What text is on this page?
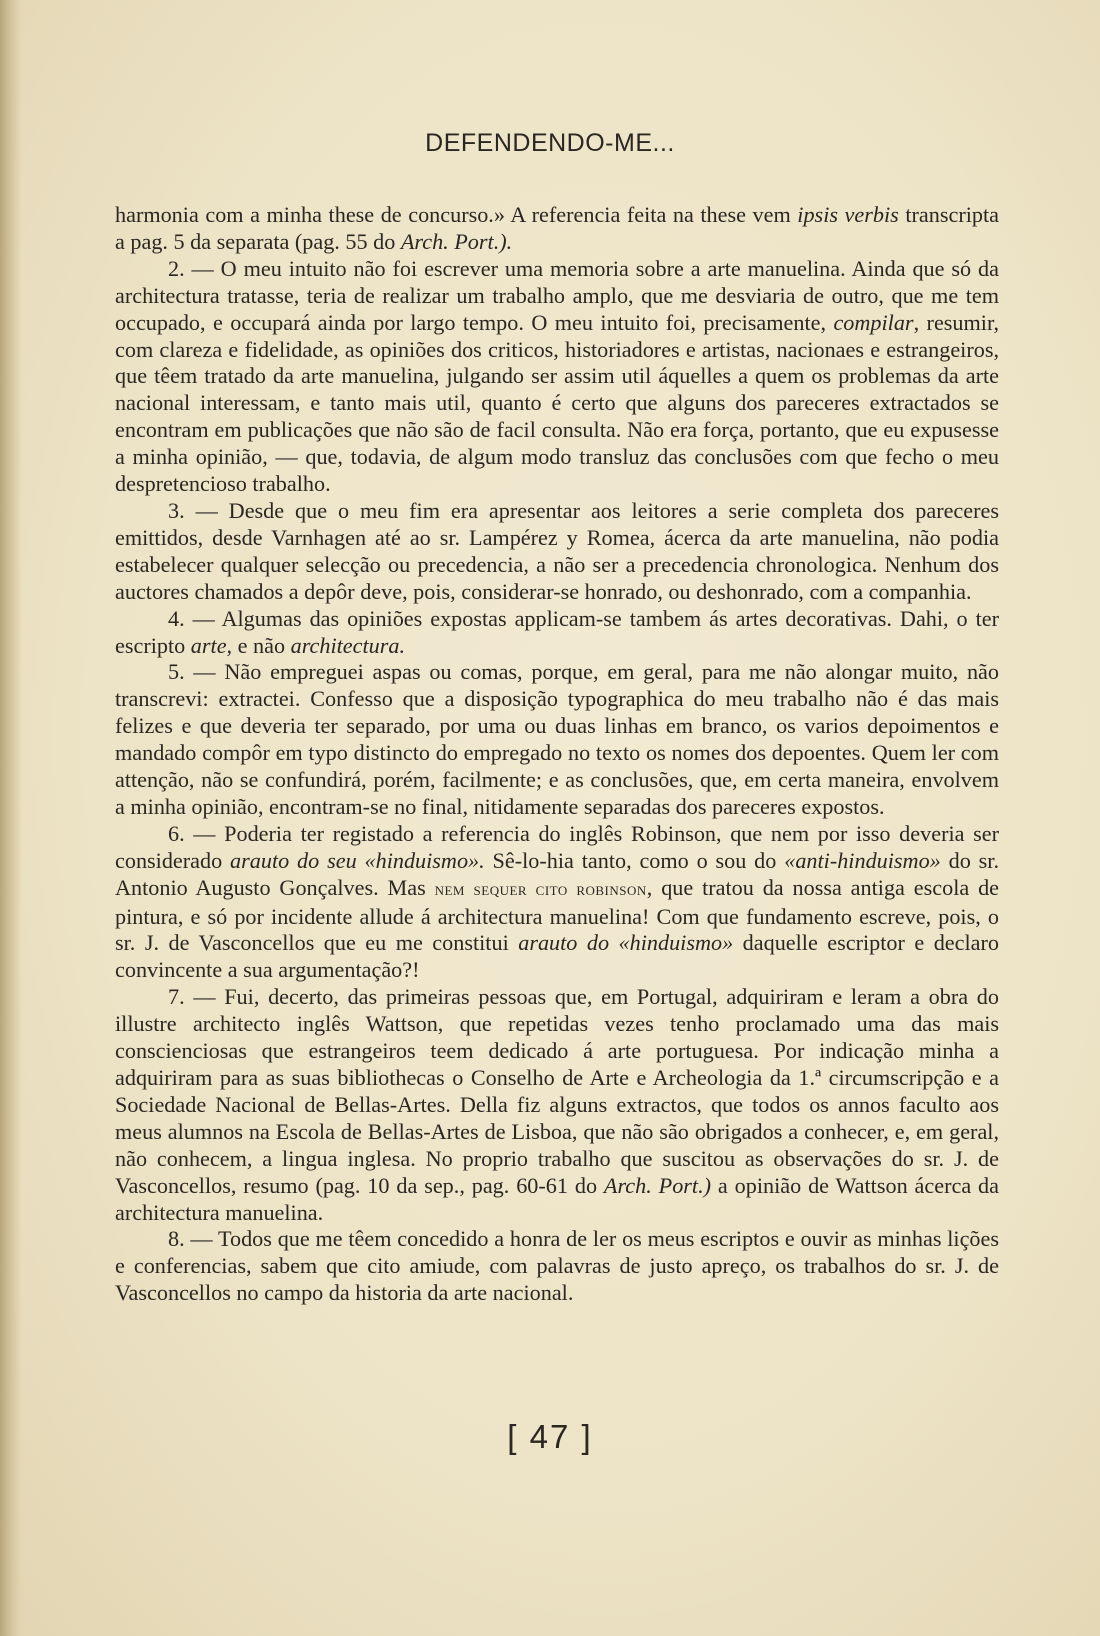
DEFENDENDO-ME...

harmonia com a minha these de concurso.» A referencia feita na these vem ipsis verbis transcripta a pag. 5 da separata (pag. 55 do Arch. Port.).

2. — O meu intuito não foi escrever uma memoria sobre a arte manuelina. Ainda que só da architectura tratasse, teria de realizar um trabalho amplo, que me desviaria de outro, que me tem occupado, e occupará ainda por largo tempo. O meu intuito foi, precisamente, compilar, resumir, com clareza e fidelidade, as opiniões dos criticos, historiadores e artistas, nacionaes e estrangeiros, que têem tratado da arte manuelina, julgando ser assim util áquelles a quem os problemas da arte nacional interessam, e tanto mais util, quanto é certo que alguns dos pareceres extractados se encontram em publicações que não são de facil consulta. Não era força, portanto, que eu expusesse a minha opinião, — que, todavia, de algum modo transluz das conclusões com que fecho o meu despretencioso trabalho.

3. — Desde que o meu fim era apresentar aos leitores a serie completa dos pareceres emittidos, desde Varnhagen até ao sr. Lampérez y Romea, ácerca da arte manuelina, não podia estabelecer qualquer selecção ou precedencia, a não ser a precedencia chronologica. Nenhum dos auctores chamados a depôr deve, pois, considerar-se honrado, ou deshonrado, com a companhia.

4. — Algumas das opiniões expostas applicam-se tambem ás artes decorativas. Dahi, o ter escripto arte, e não architectura.

5. — Não empreguei aspas ou comas, porque, em geral, para me não alongar muito, não transcrevi: extractei. Confesso que a disposição typographica do meu trabalho não é das mais felizes e que deveria ter separado, por uma ou duas linhas em branco, os varios depoimentos e mandado compôr em typo distincto do empregado no texto os nomes dos depoentes. Quem ler com attenção, não se confundirá, porém, facilmente; e as conclusões, que, em certa maneira, envolvem a minha opinião, encontram-se no final, nitidamente separadas dos pareceres expostos.

6. — Poderia ter registado a referencia do inglês Robinson, que nem por isso deveria ser considerado arauto do seu «hinduismo». Sê-lo-hia tanto, como o sou do «anti-hinduismo» do sr. Antonio Augusto Gonçalves. Mas nem sequer cito robinson, que tratou da nossa antiga escola de pintura, e só por incidente allude á architectura manuelina! Com que fundamento escreve, pois, o sr. J. de Vasconcellos que eu me constitui arauto do «hinduismo» daquelle escriptor e declaro convincente a sua argumentação?!

7. — Fui, decerto, das primeiras pessoas que, em Portugal, adquiriram e leram a obra do illustre architecto inglês Wattson, que repetidas vezes tenho proclamado uma das mais conscienciosas que estrangeiros teem dedicado á arte portuguesa. Por indicação minha a adquiriram para as suas bibliothecas o Conselho de Arte e Archeologia da 1.ª circumscripção e a Sociedade Nacional de Bellas-Artes. Della fiz alguns extractos, que todos os annos faculto aos meus alumnos na Escola de Bellas-Artes de Lisboa, que não são obrigados a conhecer, e, em geral, não conhecem, a lingua inglesa. No proprio trabalho que suscitou as observações do sr. J. de Vasconcellos, resumo (pag. 10 da sep., pag. 60-61 do Arch. Port.) a opinião de Wattson ácerca da architectura manuelina.

8. — Todos que me têem concedido a honra de ler os meus escriptos e ouvir as minhas lições e conferencias, sabem que cito amiude, com palavras de justo apreço, os trabalhos do sr. J. de Vasconcellos no campo da historia da arte nacional.

[ 47 ]
